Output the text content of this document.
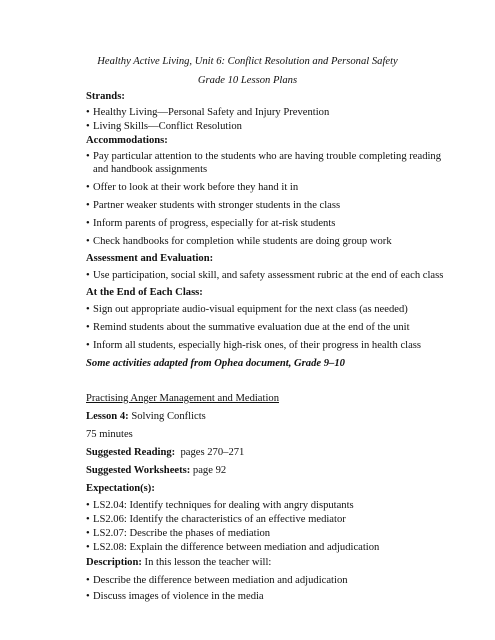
Healthy Active Living, Unit 6: Conflict Resolution and Personal Safety
Grade 10 Lesson Plans
Strands:
• Healthy Living—Personal Safety and Injury Prevention
• Living Skills—Conflict Resolution
Accommodations:
• Pay particular attention to the students who are having trouble completing reading
and handbook assignments
• Offer to look at their work before they hand it in
• Partner weaker students with stronger students in the class
• Inform parents of progress, especially for at-risk students
• Check handbooks for completion while students are doing group work
Assessment and Evaluation:
• Use participation, social skill, and safety assessment rubric at the end of each class
At the End of Each Class:
• Sign out appropriate audio-visual equipment for the next class (as needed)
• Remind students about the summative evaluation due at the end of the unit
• Inform all students, especially high-risk ones, of their progress in health class
Some activities adapted from Ophea document, Grade 9–10
Practising Anger Management and Mediation
Lesson 4: Solving Conflicts
75 minutes
Suggested Reading:  pages 270–271
Suggested Worksheets: page 92
Expectation(s):
• LS2.04: Identify techniques for dealing with angry disputants
• LS2.06: Identify the characteristics of an effective mediator
• LS2.07: Describe the phases of mediation
• LS2.08: Explain the difference between mediation and adjudication
Description: In this lesson the teacher will:
• Describe the difference between mediation and adjudication
• Discuss images of violence in the media
